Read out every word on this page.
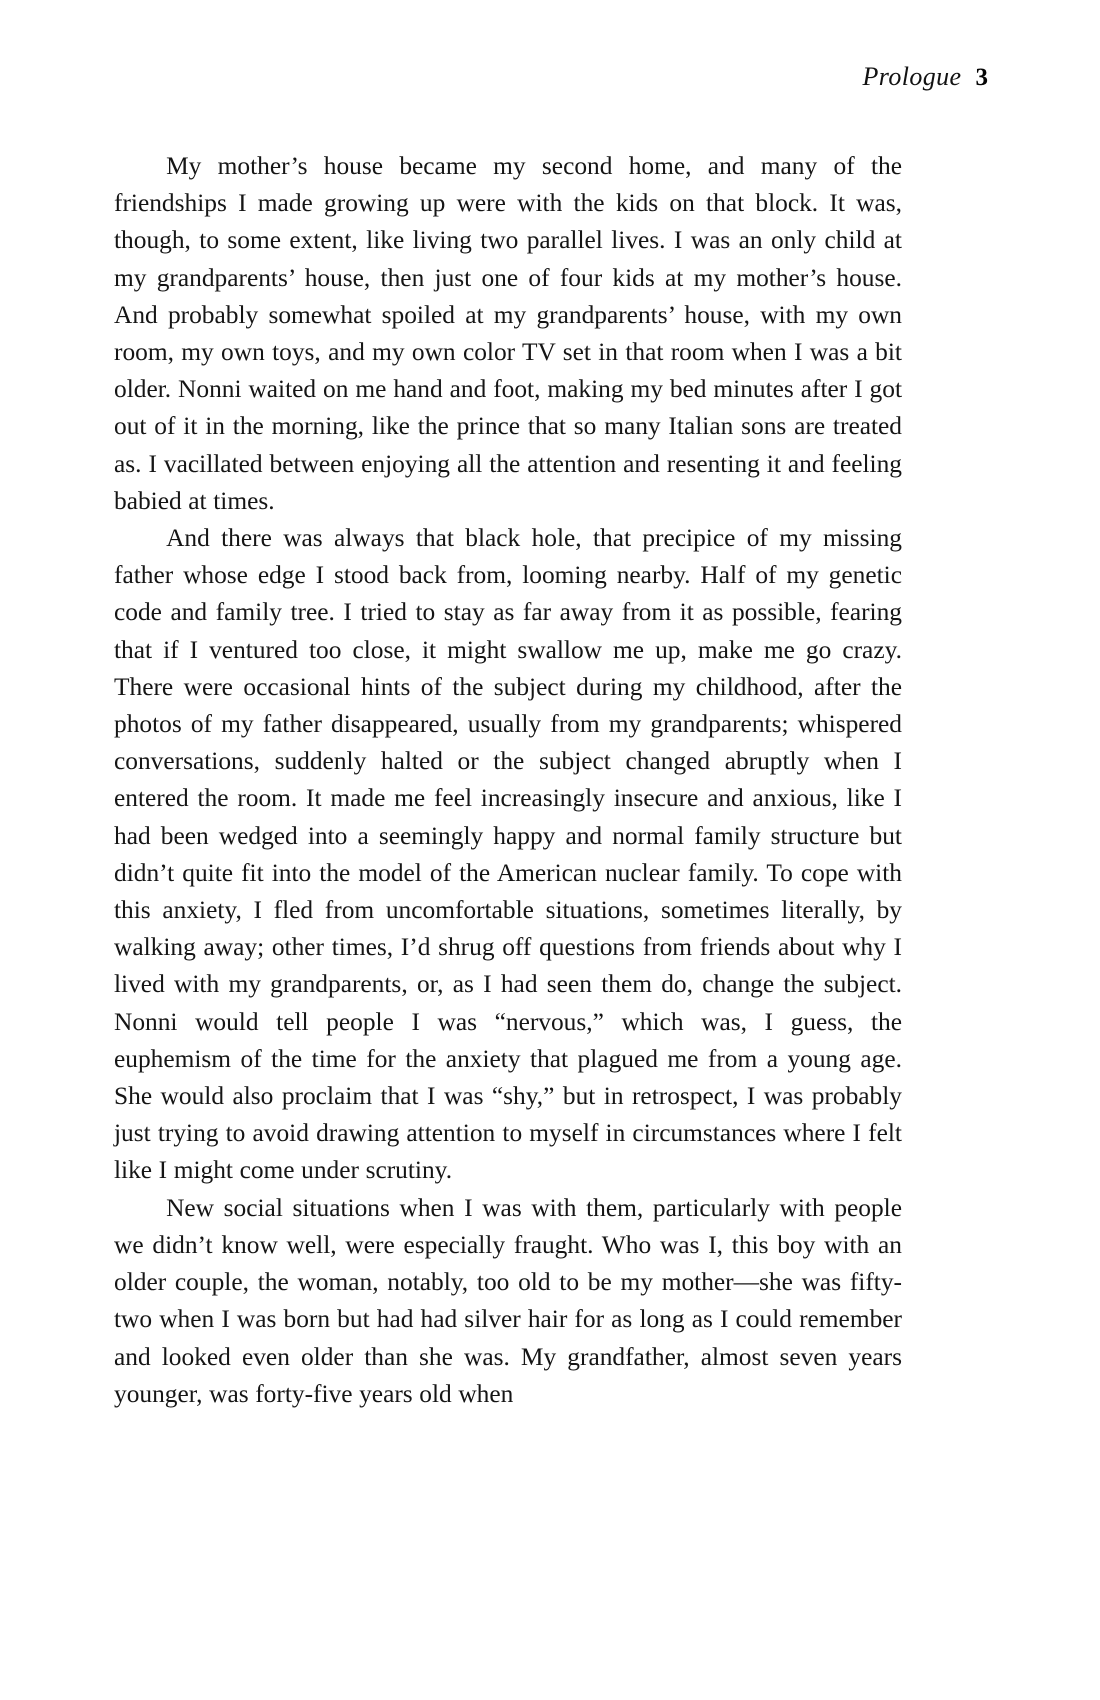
Prologue 3

My mother’s house became my second home, and many of the friendships I made growing up were with the kids on that block. It was, though, to some extent, like living two parallel lives. I was an only child at my grandparents’ house, then just one of four kids at my mother’s house. And probably somewhat spoiled at my grandparents’ house, with my own room, my own toys, and my own color TV set in that room when I was a bit older. Nonni waited on me hand and foot, making my bed minutes after I got out of it in the morning, like the prince that so many Italian sons are treated as. I vacillated between enjoying all the attention and resenting it and feeling babied at times.

And there was always that black hole, that precipice of my missing father whose edge I stood back from, looming nearby. Half of my genetic code and family tree. I tried to stay as far away from it as possible, fearing that if I ventured too close, it might swallow me up, make me go crazy. There were occasional hints of the subject during my childhood, after the photos of my father disappeared, usually from my grandparents; whispered conversations, suddenly halted or the subject changed abruptly when I entered the room. It made me feel increasingly insecure and anxious, like I had been wedged into a seemingly happy and normal family structure but didn’t quite fit into the model of the American nuclear family. To cope with this anxiety, I fled from uncomfortable situations, sometimes literally, by walking away; other times, I’d shrug off questions from friends about why I lived with my grandparents, or, as I had seen them do, change the subject. Nonni would tell people I was “nervous,” which was, I guess, the euphemism of the time for the anxiety that plagued me from a young age. She would also proclaim that I was “shy,” but in retrospect, I was probably just trying to avoid drawing attention to myself in circumstances where I felt like I might come under scrutiny.

New social situations when I was with them, particularly with people we didn’t know well, were especially fraught. Who was I, this boy with an older couple, the woman, notably, too old to be my mother—she was fifty-two when I was born but had had silver hair for as long as I could remember and looked even older than she was. My grandfather, almost seven years younger, was forty-five years old when
